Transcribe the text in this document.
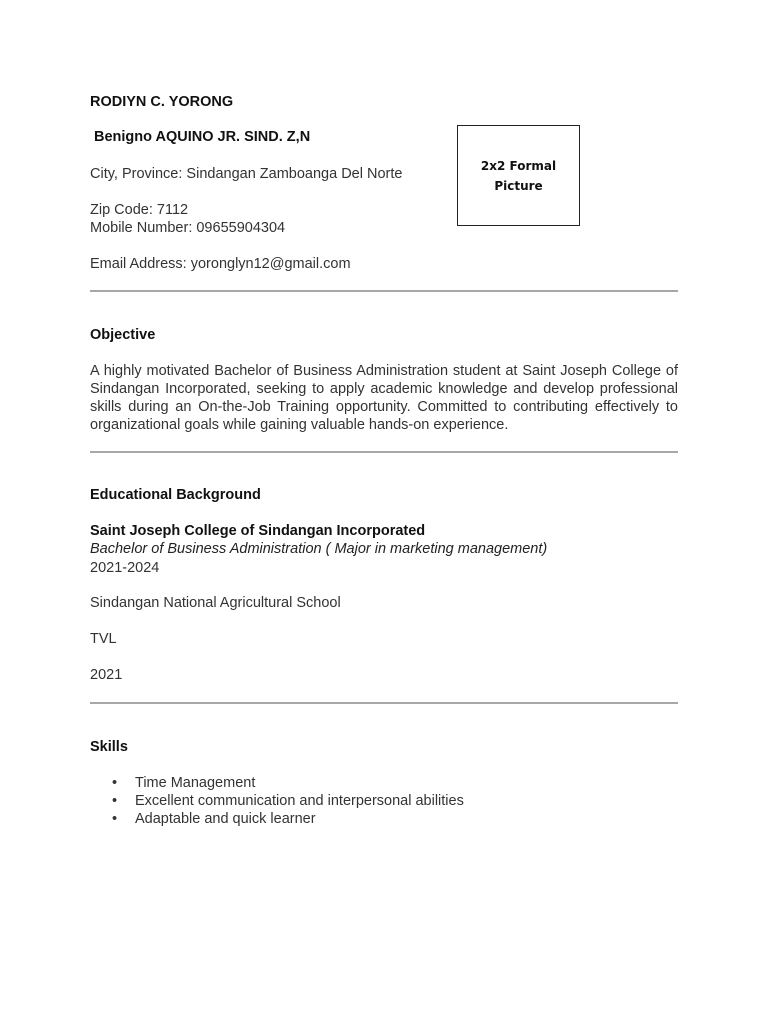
RODIYN C. YORONG
Benigno AQUINO JR. SIND. Z,N
City, Province: Sindangan Zamboanga Del Norte
Zip Code: 7112
Mobile Number: 09655904304
Email Address: yoronglyn12@gmail.com
2x2 Formal Picture
Objective
A highly motivated Bachelor of Business Administration student at Saint Joseph College of Sindangan Incorporated, seeking to apply academic knowledge and develop professional skills during an On-the-Job Training opportunity. Committed to contributing effectively to organizational goals while gaining valuable hands-on experience.
Educational Background
Saint Joseph College of Sindangan Incorporated
Bachelor of Business Administration ( Major in marketing management)
2021-2024
Sindangan National Agricultural School
TVL
2021
Skills
• Time Management
• Excellent communication and interpersonal abilities
• Adaptable and quick learner
